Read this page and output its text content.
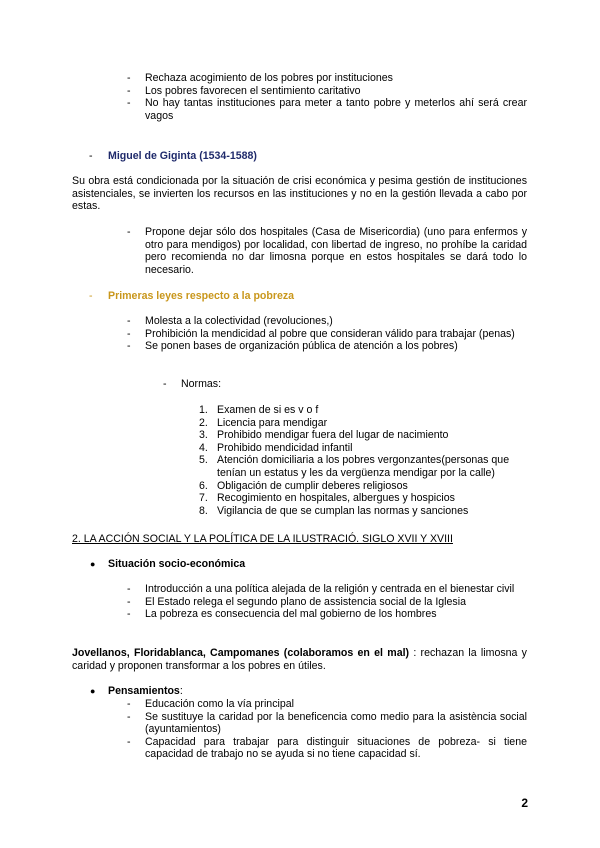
- Rechaza acogimiento de los pobres por instituciones
- Los pobres favorecen el sentimiento caritativo
- No hay tantas instituciones para meter a tanto pobre y meterlos ahí será crear vagos
- Miguel de Giginta (1534-1588)

Su obra está condicionada por la situación de crisi económica y pesima gestión de instituciones asistenciales, se invierten los recursos en las instituciones y no en la gestión llevada a cabo por estas.

- Propone dejar sólo dos hospitales (Casa de Misericordia) (uno para enfermos y otro para mendigos) por localidad, con libertad de ingreso, no prohíbe la caridad pero recomienda no dar limosna porque en estos hospitales se dará todo lo necesario.
- Primeras leyes respecto a la pobreza
- Molesta a la colectividad (revoluciones,)
- Prohibición la mendicidad al pobre que consideran válido para trabajar (penas)
- Se ponen bases de organización pública de atención a los pobres)
- Normas:
1. Examen de si es v o f
2. Licencia para mendigar
3. Prohibido mendigar fuera del lugar de nacimiento
4. Prohibido mendicidad infantil
5. Atención domiciliaria a los pobres vergonzantes(personas que tenían un estatus y les da vergüenza mendigar por la calle)
6. Obligación de cumplir deberes religiosos
7. Recogimiento en hospitales, albergues y hospicios
8. Vigilancia de que se cumplan las normas y sanciones
2. LA ACCIÓN SOCIAL Y LA POLÍTICA DE LA ILUSTRACIÓ. SIGLO XVII Y XVIII
● Situación socio-económica
- Introducción a una política alejada de la religión y centrada en el bienestar civil
- El Estado relega el segundo plano de assistencia social de la Iglesia
- La pobreza es consecuencia del mal gobierno de los hombres

Jovellanos, Floridablanca, Campomanes (colaboramos en el mal) : rechazan la limosna y caridad y proponen transformar a los pobres en útiles.

● Pensamientos:
- Educación como la vía principal
- Se sustituye la caridad por la beneficencia como medio para la asistència social (ayuntamientos)
- Capacidad para trabajar para distinguir situaciones de pobreza- si tiene capacidad de trabajo no se ayuda si no tiene capacidad sí.
2
